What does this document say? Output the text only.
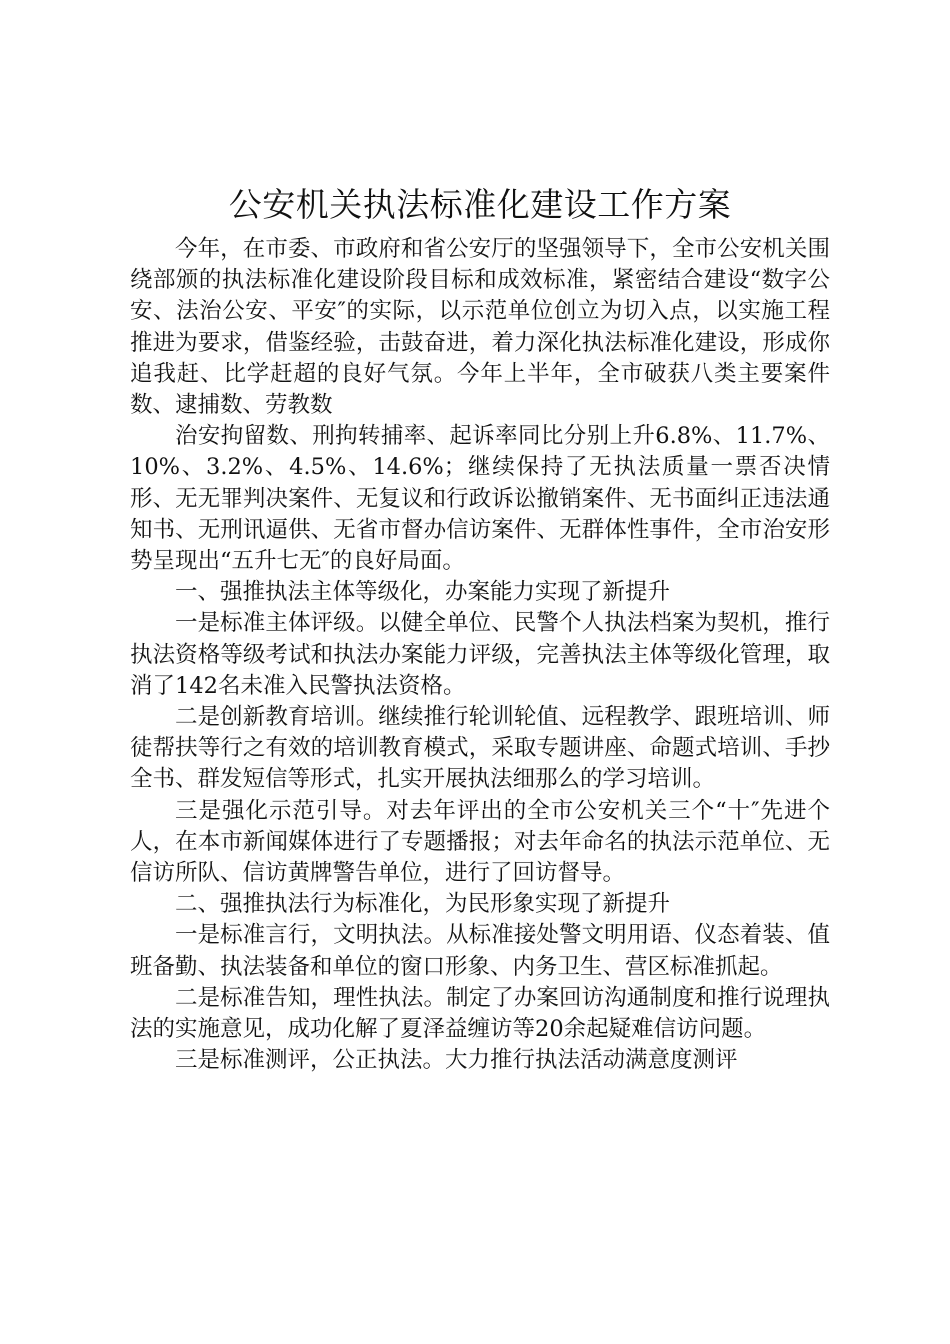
公安机关执法标准化建设工作方案

今年，在市委、市政府和省公安厅的坚强领导下，全市公安机关围绕部颁的执法标准化建设阶段目标和成效标准，紧密结合建设“数字公安、法治公安、平安″的实际，以示范单位创立为切入点，以实施工程推进为要求，借鉴经验，击鼓奋进，着力深化执法标准化建设，形成你追我赶、比学赶超的良好气氛。今年上半年，全市破获八类主要案件数、逮捕数、劳教数

治安拘留数、刑拘转捕率、起诉率同比分别上升6.8%、11.7%、10%、3.2%、4.5%、14.6%；继续保持了无执法质量一票否决情形、无无罪判决案件、无复议和行政诉讼撤销案件、无书面纠正违法通知书、无刑讯逼供、无省市督办信访案件、无群体性事件，全市治安形势呈现出“五升七无″的良好局面。

一、强推执法主体等级化，办案能力实现了新提升

一是标准主体评级。以健全单位、民警个人执法档案为契机，推行执法资格等级考试和执法办案能力评级，完善执法主体等级化管理，取消了142名未准入民警执法资格。

二是创新教育培训。继续推行轮训轮值、远程教学、跟班培训、师徒帮扶等行之有效的培训教育模式，采取专题讲座、命题式培训、手抄全书、群发短信等形式，扎实开展执法细那么的学习培训。

三是强化示范引导。对去年评出的全市公安机关三个“十″先进个人，在本市新闻媒体进行了专题播报；对去年命名的执法示范单位、无信访所队、信访黄牌警告单位，进行了回访督导。

二、强推执法行为标准化，为民形象实现了新提升

一是标准言行，文明执法。从标准接处警文明用语、仪态着装、值班备勤、执法装备和单位的窗口形象、内务卫生、营区标准抓起。

二是标准告知，理性执法。制定了办案回访沟通制度和推行说理执法的实施意见，成功化解了夏泽益缠访等20余起疑难信访问题。

三是标准测评，公正执法。大力推行执法活动满意度测评
